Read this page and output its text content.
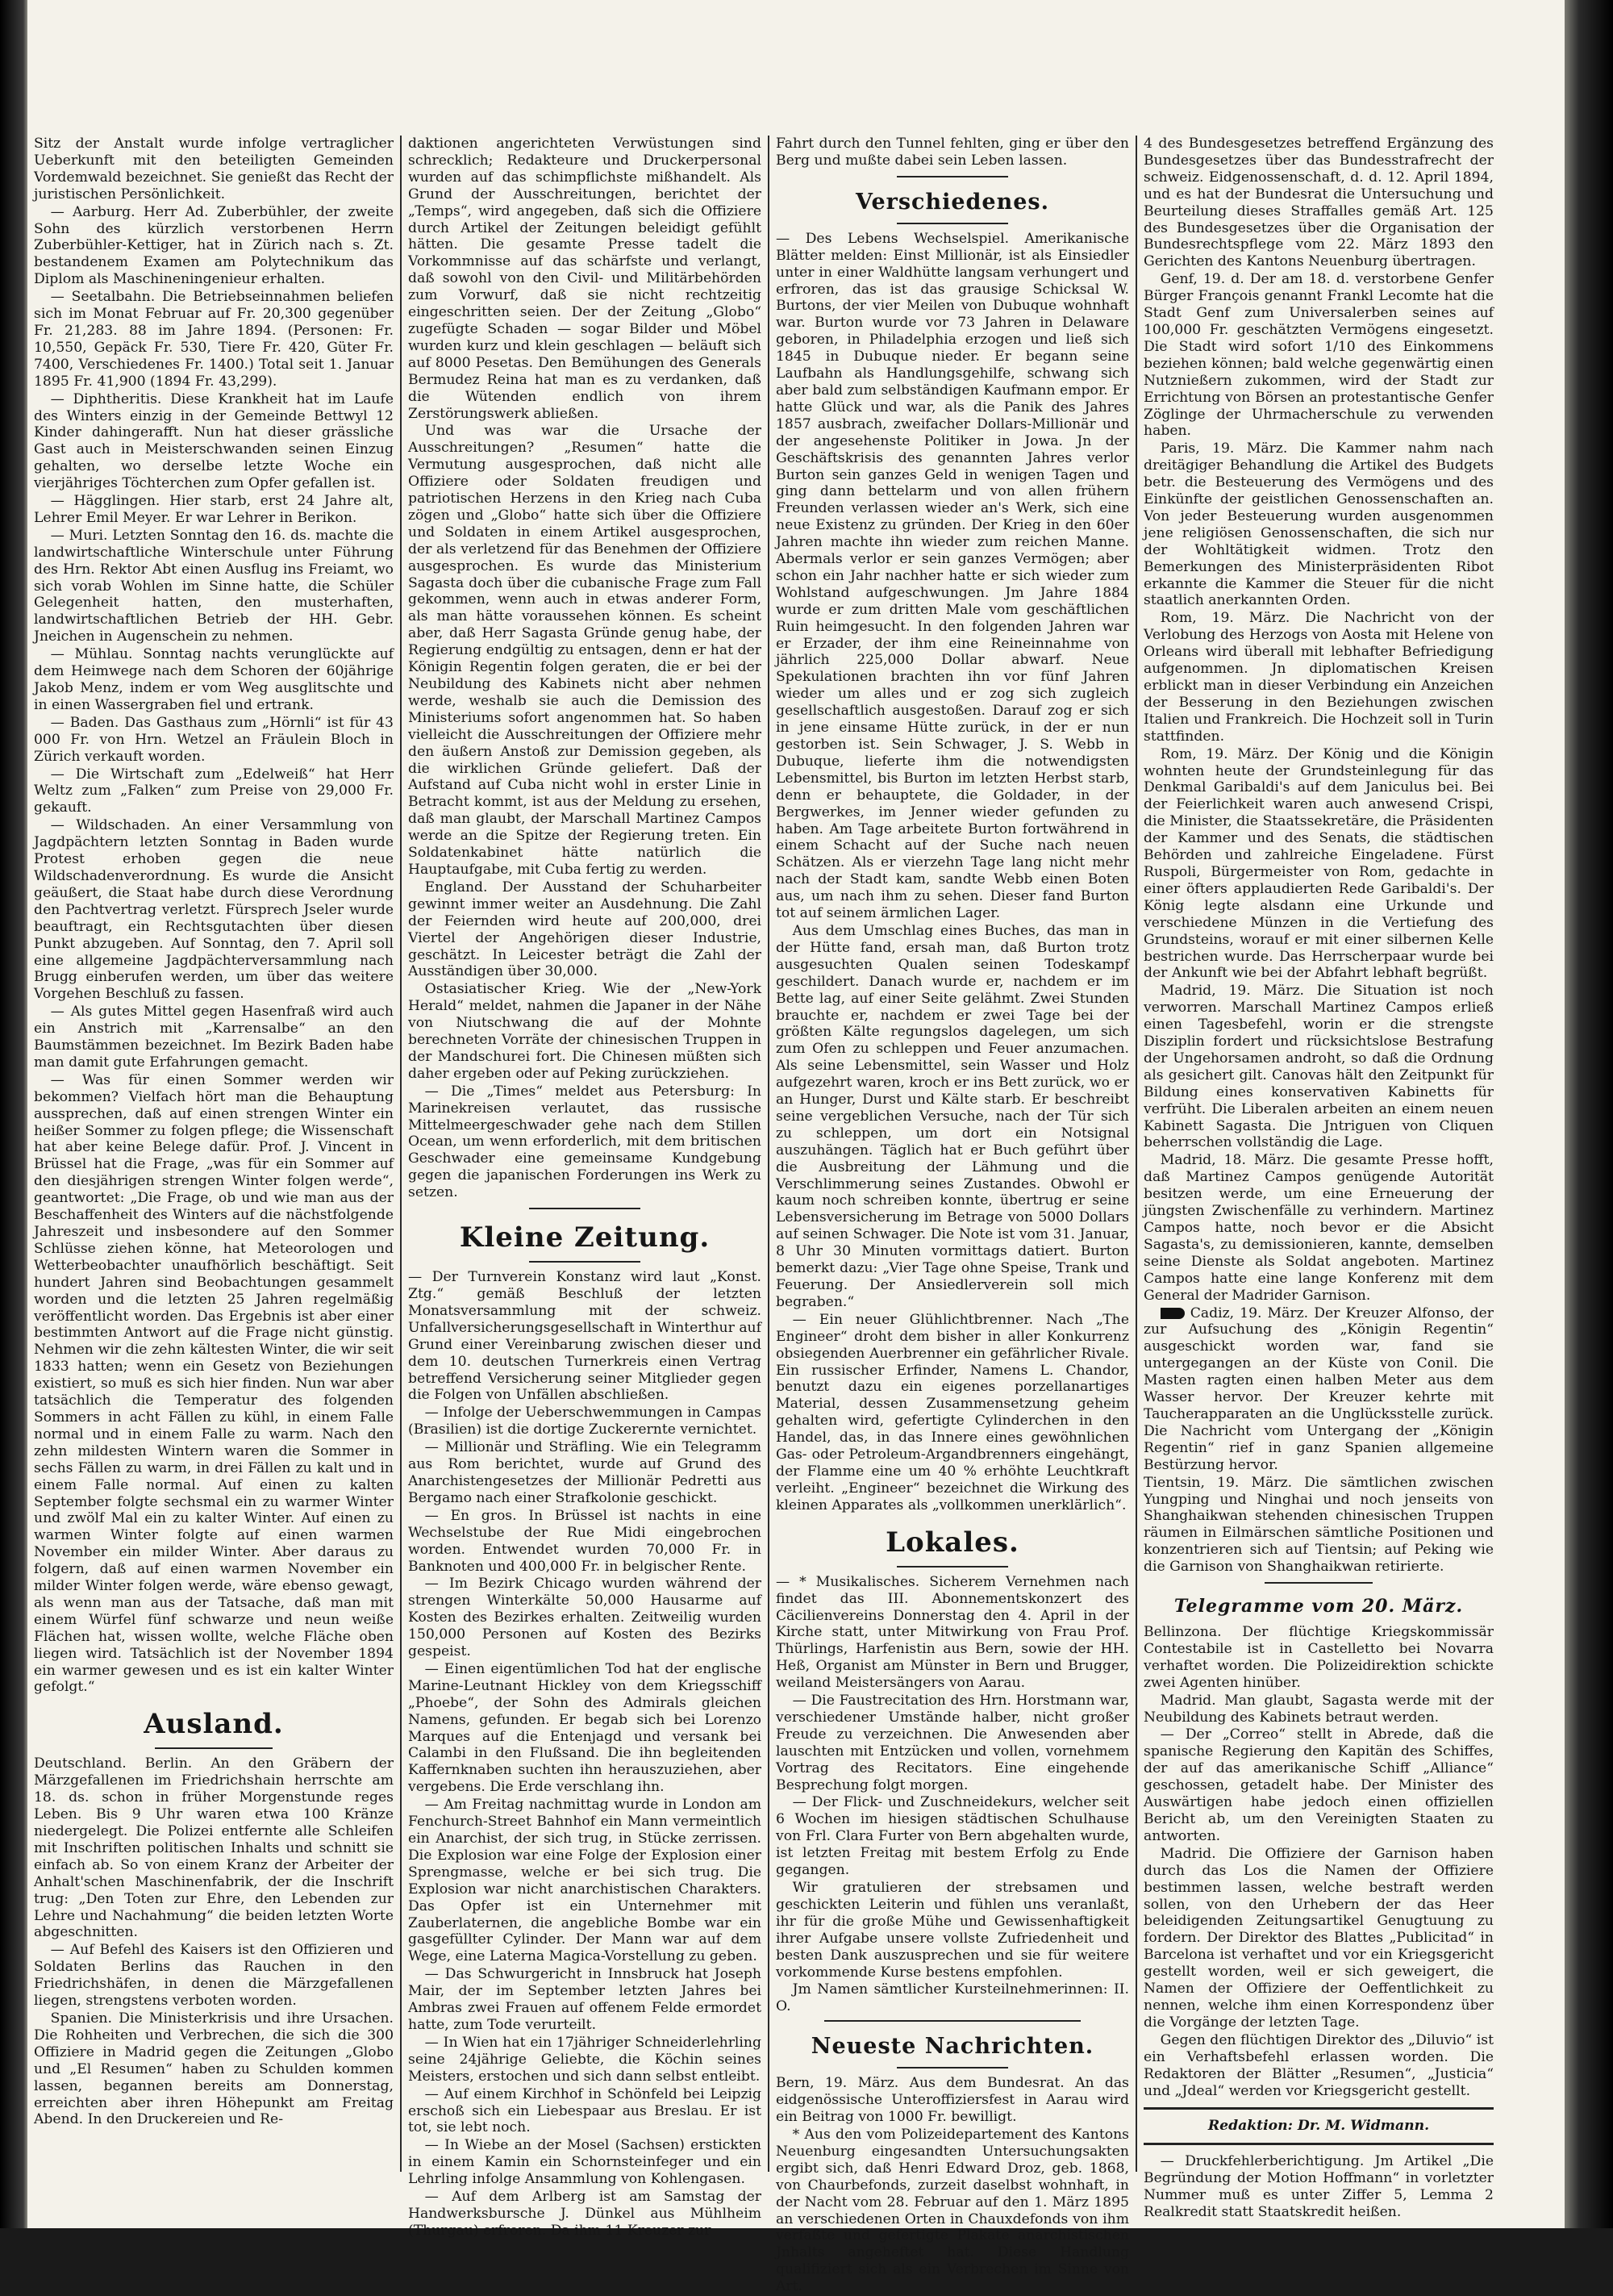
Sitz der Anstalt wurde infolge vertraglicher Ueberkunft mit den beteiligten Gemeinden Vordemwald bezeichnet. Sie genießt das Recht der juristischen Persönlichkeit.

— Aarburg. Herr Ad. Zuberbühler, der zweite Sohn des kürzlich verstorbenen Herrn Zuberbühler-Kettiger, hat in Zürich nach s. Zt. bestandenem Examen am Polytechnikum das Diplom als Maschineningenieur erhalten.

— Seetalbahn. Die Betriebseinnahmen beliefen sich im Monat Februar auf Fr. 20,300 gegenüber Fr. 21,283. 88 im Jahre 1894. (Personen: Fr. 10,550, Gepäck Fr. 530, Tiere Fr. 420, Güter Fr. 7400, Verschiedenes Fr. 1400.) Total seit 1. Januar 1895 Fr. 41,900 (1894 Fr. 43,299).

— Diphtheritis. Diese Krankheit hat im Laufe des Winters einzig in der Gemeinde Bettwyl 12 Kinder dahingerafft. Nun hat dieser grässliche Gast auch in Meisterschwanden seinen Einzug gehalten, wo derselbe letzte Woche ein vierjähriges Töchterchen zum Opfer gefallen ist.

— Hägglingen. Hier starb, erst 24 Jahre alt, Lehrer Emil Meyer. Er war Lehrer in Berikon.

— Muri. Letzten Sonntag den 16. ds. machte die landwirtschaftliche Winterschule unter Führung des Hrn. Rektor Abt einen Ausflug ins Freiamt, wo sich vorab Wohlen im Sinne hatte, die Schüler Gelegenheit hatten, den musterhaften, landwirtschaftlichen Betrieb der HH. Gebr. Jneichen in Augenschein zu nehmen.

— Mühlau. Sonntag nachts verunglückte auf dem Heimwege nach dem Schoren der 60jährige Jakob Menz, indem er vom Weg ausglitschte und in einen Wassergraben fiel und ertrank.

— Baden. Das Gasthaus zum „Hörnli“ ist für 43 000 Fr. von Hrn. Wetzel an Fräulein Bloch in Zürich verkauft worden.

— Die Wirtschaft zum „Edelweiß“ hat Herr Weltz zum „Falken“ zum Preise von 29,000 Fr. gekauft.

— Wildschaden. An einer Versammlung von Jagdpächtern letzten Sonntag in Baden wurde Protest erhoben gegen die neue Wildschadenverordnung. Es wurde die Ansicht geäußert, die Staat habe durch diese Verordnung den Pachtvertrag verletzt. Fürsprech Jseler wurde beauftragt, ein Rechtsgutachten über diesen Punkt abzugeben. Auf Sonntag, den 7. April soll eine allgemeine Jagdpächterversammlung nach Brugg einberufen werden, um über das weitere Vorgehen Beschluß zu fassen.

— Als gutes Mittel gegen Hasenfraß wird auch ein Anstrich mit „Karrensalbe“ an den Baumstämmen bezeichnet. Im Bezirk Baden habe man damit gute Erfahrungen gemacht.

— Was für einen Sommer werden wir bekommen? Vielfach hört man die Behauptung aussprechen, daß auf einen strengen Winter ein heißer Sommer zu folgen pflege; die Wissenschaft hat aber keine Belege dafür. Prof. J. Vincent in Brüssel hat die Frage, „was für ein Sommer auf den diesjährigen strengen Winter folgen werde“, geantwortet: „Die Frage, ob und wie man aus der Beschaffenheit des Winters auf die nächstfolgende Jahreszeit und insbesondere auf den Sommer Schlüsse ziehen könne, hat Meteorologen und Wetterbeobachter unaufhörlich beschäftigt. Seit hundert Jahren sind Beobachtungen gesammelt worden und die letzten 25 Jahren regelmäßig veröffentlicht worden. Das Ergebnis ist aber einer bestimmten Antwort auf die Frage nicht günstig. Nehmen wir die zehn kältesten Winter, die wir seit 1833 hatten; wenn ein Gesetz von Beziehungen existiert, so muß es sich hier finden. Nun war aber tatsächlich die Temperatur des folgenden Sommers in acht Fällen zu kühl, in einem Falle normal und in einem Falle zu warm. Nach den zehn mildesten Wintern waren die Sommer in sechs Fällen zu warm, in drei Fällen zu kalt und in einem Falle normal. Auf einen zu kalten September folgte sechsmal ein zu warmer Winter und zwölf Mal ein zu kalter Winter. Auf einen zu warmen Winter folgte auf einen warmen November ein milder Winter. Aber daraus zu folgern, daß auf einen warmen November ein milder Winter folgen werde, wäre ebenso gewagt, als wenn man aus der Tatsache, daß man mit einem Würfel fünf schwarze und neun weiße Flächen hat, wissen wollte, welche Fläche oben liegen wird. Tatsächlich ist der November 1894 ein warmer gewesen und es ist ein kalter Winter gefolgt.“

Ausland.

Deutschland. Berlin. An den Gräbern der Märzgefallenen im Friedrichshain herrschte am 18. ds. schon in früher Morgenstunde reges Leben. Bis 9 Uhr waren etwa 100 Kränze niedergelegt. Die Polizei entfernte alle Schleifen mit Inschriften politischen Inhalts und schnitt sie einfach ab. So von einem Kranz der Arbeiter der Anhalt'schen Maschinenfabrik, der die Inschrift trug: „Den Toten zur Ehre, den Lebenden zur Lehre und Nachahmung“ die beiden letzten Worte abgeschnitten.

— Auf Befehl des Kaisers ist den Offizieren und Soldaten Berlins das Rauchen in den Friedrichshäfen, in denen die Märzgefallenen liegen, strengstens verboten worden.

Spanien. Die Ministerkrisis und ihre Ursachen. Die Rohheiten und Verbrechen, die sich die 300 Offiziere in Madrid gegen die Zeitungen „Globo und „El Resumen“ haben zu Schulden kommen lassen, begannen bereits am Donnerstag, erreichten aber ihren Höhepunkt am Freitag Abend. In den Druckereien und Re-

daktionen angerichteten Verwüstungen sind schrecklich; Redakteure und Druckerpersonal wurden auf das schimpflichste mißhandelt. Als Grund der Ausschreitungen, berichtet der „Temps“, wird angegeben, daß sich die Offiziere durch Artikel der Zeitungen beleidigt gefühlt hätten. Die gesamte Presse tadelt die Vorkommnisse auf das schärfste und verlangt, daß sowohl von den Civil- und Militärbehörden zum Vorwurf, daß sie nicht rechtzeitig eingeschritten seien. Der der Zeitung „Globo“ zugefügte Schaden — sogar Bilder und Möbel wurden kurz und klein geschlagen — beläuft sich auf 8000 Pesetas. Den Bemühungen des Generals Bermudez Reina hat man es zu verdanken, daß die Wütenden endlich von ihrem Zerstörungswerk abließen.

Und was war die Ursache der Ausschreitungen? „Resumen“ hatte die Vermutung ausgesprochen, daß nicht alle Offiziere oder Soldaten freudigen und patriotischen Herzens in den Krieg nach Cuba zögen und „Globo“ hatte sich über die Offiziere und Soldaten in einem Artikel ausgesprochen, der als verletzend für das Benehmen der Offiziere ausgesprochen. Es wurde das Ministerium Sagasta doch über die cubanische Frage zum Fall gekommen, wenn auch in etwas anderer Form, als man hätte voraussehen können. Es scheint aber, daß Herr Sagasta Gründe genug habe, der Regierung endgültig zu entsagen, denn er hat der Königin Regentin folgen geraten, die er bei der Neubildung des Kabinets nicht aber nehmen werde, weshalb sie auch die Demission des Ministeriums sofort angenommen hat. So haben vielleicht die Ausschreitungen der Offiziere mehr den äußern Anstoß zur Demission gegeben, als die wirklichen Gründe geliefert. Daß der Aufstand auf Cuba nicht wohl in erster Linie in Betracht kommt, ist aus der Meldung zu ersehen, daß man glaubt, der Marschall Martinez Campos werde an die Spitze der Regierung treten. Ein Soldatenkabinet hätte natürlich die Hauptaufgabe, mit Cuba fertig zu werden.

England. Der Ausstand der Schuharbeiter gewinnt immer weiter an Ausdehnung. Die Zahl der Feiernden wird heute auf 200,000, drei Viertel der Angehörigen dieser Industrie, geschätzt. In Leicester beträgt die Zahl der Ausständigen über 30,000.

Ostasiatischer Krieg. Wie der „New-York Herald“ meldet, nahmen die Japaner in der Nähe von Niutschwang die auf der Mohnte berechneten Vorräte der chinesischen Truppen in der Mandschurei fort. Die Chinesen müßten sich daher ergeben oder auf Peking zurückziehen.

— Die „Times“ meldet aus Petersburg: In Marinekreisen verlautet, das russische Mittelmeergeschwader gehe nach dem Stillen Ocean, um wenn erforderlich, mit dem britischen Geschwader eine gemeinsame Kundgebung gegen die japanischen Forderungen ins Werk zu setzen.

Kleine Zeitung.

— Der Turnverein Konstanz wird laut „Konst. Ztg.“ gemäß Beschluß der letzten Monatsversammlung mit der schweiz. Unfallversicherungsgesellschaft in Winterthur auf Grund einer Vereinbarung zwischen dieser und dem 10. deutschen Turnerkreis einen Vertrag betreffend Versicherung seiner Mitglieder gegen die Folgen von Unfällen abschließen.

— Infolge der Ueberschwemmungen in Campas (Brasilien) ist die dortige Zuckerernte vernichtet.

— Millionär und Sträfling. Wie ein Telegramm aus Rom berichtet, wurde auf Grund des Anarchistengesetzes der Millionär Pedretti aus Bergamo nach einer Strafkolonie geschickt.

— En gros. In Brüssel ist nachts in eine Wechselstube der Rue Midi eingebrochen worden. Entwendet wurden 70,000 Fr. in Banknoten und 400,000 Fr. in belgischer Rente.

— Im Bezirk Chicago wurden während der strengen Winterkälte 50,000 Hausarme auf Kosten des Bezirkes erhalten. Zeitweilig wurden 150,000 Personen auf Kosten des Bezirks gespeist.

— Einen eigentümlichen Tod hat der englische Marine-Leutnant Hickley von dem Kriegsschiff „Phoebe“, der Sohn des Admirals gleichen Namens, gefunden. Er begab sich bei Lorenzo Marques auf die Entenjagd und versank bei Calambi in den Flußsand. Die ihn begleitenden Kaffernknaben suchten ihn herauszuziehen, aber vergebens. Die Erde verschlang ihn.

— Am Freitag nachmittag wurde in London am Fenchurch-Street Bahnhof ein Mann vermeintlich ein Anarchist, der sich trug, in Stücke zerrissen. Die Explosion war eine Folge der Explosion einer Sprengmasse, welche er bei sich trug. Die Explosion war nicht anarchistischen Charakters. Das Opfer ist ein Unternehmer mit Zauberlaternen, die angebliche Bombe war ein gasgefüllter Cylinder. Der Mann war auf dem Wege, eine Laterna Magica-Vorstellung zu geben.

— Das Schwurgericht in Innsbruck hat Joseph Mair, der im September letzten Jahres bei Ambras zwei Frauen auf offenem Felde ermordet hatte, zum Tode verurteilt.

— In Wien hat ein 17jähriger Schneiderlehrling seine 24jährige Geliebte, die Köchin seines Meisters, erstochen und sich dann selbst entleibt.

— Auf einem Kirchhof in Schönfeld bei Leipzig erschoß sich ein Liebespaar aus Breslau. Er ist tot, sie lebt noch.

— In Wiebe an der Mosel (Sachsen) erstickten in einem Kamin ein Schornsteinfeger und ein Lehrling infolge Ansammlung von Kohlengasen.

— Auf dem Arlberg ist am Samstag der Handwerksbursche J. Dünkel aus Mühlheim (Thurgau) erfroren. Da ihm 11 Kreuzer zur

Fahrt durch den Tunnel fehlten, ging er über den Berg und mußte dabei sein Leben lassen.

Verschiedenes.

— Des Lebens Wechselspiel. Amerikanische Blätter melden: Einst Millionär, ist als Einsiedler unter in einer Waldhütte langsam verhungert und erfroren, das ist das grausige Schicksal W. Burtons, der vier Meilen von Dubuque wohnhaft war. Burton wurde vor 73 Jahren in Delaware geboren, in Philadelphia erzogen und ließ sich 1845 in Dubuque nieder. Er begann seine Laufbahn als Handlungsgehilfe, schwang sich aber bald zum selbständigen Kaufmann empor. Er hatte Glück und war, als die Panik des Jahres 1857 ausbrach, zweifacher Dollars-Millionär und der angesehenste Politiker in Jowa. Jn der Geschäftskrisis des genannten Jahres verlor Burton sein ganzes Geld in wenigen Tagen und ging dann bettelarm und von allen frühern Freunden verlassen wieder an's Werk, sich eine neue Existenz zu gründen. Der Krieg in den 60er Jahren machte ihn wieder zum reichen Manne. Abermals verlor er sein ganzes Vermögen; aber schon ein Jahr nachher hatte er sich wieder zum Wohlstand aufgeschwungen. Jm Jahre 1884 wurde er zum dritten Male vom geschäftlichen Ruin heimgesucht. In den folgenden Jahren war er Erzader, der ihm eine Reineinnahme von jährlich 225,000 Dollar abwarf. Neue Spekulationen brachten ihn vor fünf Jahren wieder um alles und er zog sich zugleich gesellschaftlich ausgestoßen. Darauf zog er sich in jene einsame Hütte zurück, in der er nun gestorben ist. Sein Schwager, J. S. Webb in Dubuque, lieferte ihm die notwendigsten Lebensmittel, bis Burton im letzten Herbst starb, denn er behauptete, die Goldader, in der Bergwerkes, im Jenner wieder gefunden zu haben. Am Tage arbeitete Burton fortwährend in einem Schacht auf der Suche nach neuen Schätzen. Als er vierzehn Tage lang nicht mehr nach der Stadt kam, sandte Webb einen Boten aus, um nach ihm zu sehen. Dieser fand Burton tot auf seinem ärmlichen Lager.

Aus dem Umschlag eines Buches, das man in der Hütte fand, ersah man, daß Burton trotz ausgesuchten Qualen seinen Todeskampf geschildert. Danach wurde er, nachdem er im Bette lag, auf einer Seite gelähmt. Zwei Stunden brauchte er, nachdem er zwei Tage bei der größten Kälte regungslos dagelegen, um sich zum Ofen zu schleppen und Feuer anzumachen. Als seine Lebensmittel, sein Wasser und Holz aufgezehrt waren, kroch er ins Bett zurück, wo er an Hunger, Durst und Kälte starb. Er beschreibt seine vergeblichen Versuche, nach der Tür sich zu schleppen, um dort ein Notsignal auszuhängen. Täglich hat er Buch geführt über die Ausbreitung der Lähmung und die Verschlimmerung seines Zustandes. Obwohl er kaum noch schreiben konnte, übertrug er seine Lebensversicherung im Betrage von 5000 Dollars auf seinen Schwager. Die Note ist vom 31. Januar, 8 Uhr 30 Minuten vormittags datiert. Burton bemerkt dazu: „Vier Tage ohne Speise, Trank und Feuerung. Der Ansiedlerverein soll mich begraben.“

— Ein neuer Glühlichtbrenner. Nach „The Engineer“ droht dem bisher in aller Konkurrenz obsiegenden Auerbrenner ein gefährlicher Rivale. Ein russischer Erfinder, Namens L. Chandor, benutzt dazu ein eigenes porzellanartiges Material, dessen Zusammensetzung geheim gehalten wird, gefertigte Cylinderchen in den Handel, das, in das Innere eines gewöhnlichen Gas- oder Petroleum-Argandbrenners eingehängt, der Flamme eine um 40 % erhöhte Leuchtkraft verleiht. „Engineer“ bezeichnet die Wirkung des kleinen Apparates als „vollkommen unerklärlich“.

Lokales.

— * Musikalisches. Sicherem Vernehmen nach findet das III. Abonnementskonzert des Cäcilienvereins Donnerstag den 4. April in der Kirche statt, unter Mitwirkung von Frau Prof. Thürlings, Harfenistin aus Bern, sowie der HH. Heß, Organist am Münster in Bern und Brugger, weiland Meistersängers von Aarau.

— Die Faustrecitation des Hrn. Horstmann war, verschiedener Umstände halber, nicht großer Freude zu verzeichnen. Die Anwesenden aber lauschten mit Entzücken und vollen, vornehmem Vortrag des Recitators. Eine eingehende Besprechung folgt morgen.

— Der Flick- und Zuschneidekurs, welcher seit 6 Wochen im hiesigen städtischen Schulhause von Frl. Clara Furter von Bern abgehalten wurde, ist letzten Freitag mit bestem Erfolg zu Ende gegangen.

Wir gratulieren der strebsamen und geschickten Leiterin und fühlen uns veranlaßt, ihr für die große Mühe und Gewissenhaftigkeit ihrer Aufgabe unsere vollste Zufriedenheit und besten Dank auszusprechen und sie für weitere vorkommende Kurse bestens empfohlen.

Jm Namen sämtlicher Kursteilnehmerinnen: II. O.

Neueste Nachrichten.

Bern, 19. März. Aus dem Bundesrat. An das eidgenössische Unteroffiziersfest in Aarau wird ein Beitrag von 1000 Fr. bewilligt.

* Aus den vom Polizeidepartement des Kantons Neuenburg eingesandten Untersuchungsakten ergibt sich, daß Henri Edward Droz, geb. 1868, von Chaurbefonds, zurzeit daselbst wohnhaft, in der Nacht vom 28. Februar auf den 1. März 1895 an verschiedenen Orten in Chauxdefonds von ihm verfaßte und gefertigte Plakate anarchistischen Jnhalts angeheftet hat. Diese Handlung qualifiziert sich als ein Verbrechen im Sinne von Art.

4 des Bundesgesetzes betreffend Ergänzung des Bundesgesetzes über das Bundesstrafrecht der schweiz. Eidgenossenschaft, d. d. 12. April 1894, und es hat der Bundesrat die Untersuchung und Beurteilung dieses Straffalles gemäß Art. 125 des Bundesgesetzes über die Organisation der Bundesrechtspflege vom 22. März 1893 den Gerichten des Kantons Neuenburg übertragen.

Genf, 19. d. Der am 18. d. verstorbene Genfer Bürger François genannt Frankl Lecomte hat die Stadt Genf zum Universalerben seines auf 100,000 Fr. geschätzten Vermögens eingesetzt. Die Stadt wird sofort 1/10 des Einkommens beziehen können; bald welche gegenwärtig einen Nutznießern zukommen, wird der Stadt zur Errichtung von Börsen an protestantische Genfer Zöglinge der Uhrmacherschule zu verwenden haben.

Paris, 19. März. Die Kammer nahm nach dreitägiger Behandlung die Artikel des Budgets betr. die Besteuerung des Vermögens und des Einkünfte der geistlichen Genossenschaften an. Von jeder Besteuerung wurden ausgenommen jene religiösen Genossenschaften, die sich nur der Wohltätigkeit widmen. Trotz den Bemerkungen des Ministerpräsidenten Ribot erkannte die Kammer die Steuer für die nicht staatlich anerkannten Orden.

Rom, 19. März. Die Nachricht von der Verlobung des Herzogs von Aosta mit Helene von Orleans wird überall mit lebhafter Befriedigung aufgenommen. Jn diplomatischen Kreisen erblickt man in dieser Verbindung ein Anzeichen der Besserung in den Beziehungen zwischen Italien und Frankreich. Die Hochzeit soll in Turin stattfinden.

Rom, 19. März. Der König und die Königin wohnten heute der Grundsteinlegung für das Denkmal Garibaldi's auf dem Janiculus bei. Bei der Feierlichkeit waren auch anwesend Crispi, die Minister, die Staatssekretäre, die Präsidenten der Kammer und des Senats, die städtischen Behörden und zahlreiche Eingeladene. Fürst Ruspoli, Bürgermeister von Rom, gedachte in einer öfters applaudierten Rede Garibaldi's. Der König legte alsdann eine Urkunde und verschiedene Münzen in die Vertiefung des Grundsteins, worauf er mit einer silbernen Kelle bestrichen wurde. Das Herrscherpaar wurde bei der Ankunft wie bei der Abfahrt lebhaft begrüßt.

Madrid, 19. März. Die Situation ist noch verworren. Marschall Martinez Campos erließ einen Tagesbefehl, worin er die strengste Disziplin fordert und rücksichtslose Bestrafung der Ungehorsamen androht, so daß die Ordnung als gesichert gilt. Canovas hält den Zeitpunkt für Bildung eines konservativen Kabinetts für verfrüht. Die Liberalen arbeiten an einem neuen Kabinett Sagasta. Die Jntriguen von Cliquen beherrschen vollständig die Lage.

Madrid, 18. März. Die gesamte Presse hofft, daß Martinez Campos genügende Autorität besitzen werde, um eine Erneuerung der jüngsten Zwischenfälle zu verhindern. Martinez Campos hatte, noch bevor er die Absicht Sagasta's, zu demissionieren, kannte, demselben seine Dienste als Soldat angeboten. Martinez Campos hatte eine lange Konferenz mit dem General der Madrider Garnison.

Cadiz, 19. März. Der Kreuzer Alfonso, der zur Aufsuchung des „Königin Regentin“ ausgeschickt worden war, fand sie untergegangen an der Küste von Conil. Die Masten ragten einen halben Meter aus dem Wasser hervor. Der Kreuzer kehrte mit Taucherapparaten an die Unglücksstelle zurück. Die Nachricht vom Untergang der „Königin Regentin“ rief in ganz Spanien allgemeine Bestürzung hervor.

Tientsin, 19. März. Die sämtlichen zwischen Yungping und Ninghai und noch jenseits von Shanghaikwan stehenden chinesischen Truppen räumen in Eilmärschen sämtliche Positionen und konzentrieren sich auf Tientsin; auf Peking wie die Garnison von Shanghaikwan retirierte.

Telegramme vom 20. März.

Bellinzona. Der flüchtige Kriegskommissär Contestabile ist in Castelletto bei Novarra verhaftet worden. Die Polizeidirektion schickte zwei Agenten hinüber.

Madrid. Man glaubt, Sagasta werde mit der Neubildung des Kabinets betraut werden.

— Der „Correo“ stellt in Abrede, daß die spanische Regierung den Kapitän des Schiffes, der auf das amerikanische Schiff „Alliance“ geschossen, getadelt habe. Der Minister des Auswärtigen habe jedoch einen offiziellen Bericht ab, um den Vereinigten Staaten zu antworten.

Madrid. Die Offiziere der Garnison haben durch das Los die Namen der Offiziere bestimmen lassen, welche bestraft werden sollen, von den Urhebern der das Heer beleidigenden Zeitungsartikel Genugtuung zu fordern. Der Direktor des Blattes „Publicitad“ in Barcelona ist verhaftet und vor ein Kriegsgericht gestellt worden, weil er sich geweigert, die Namen der Offiziere der Oeffentlichkeit zu nennen, welche ihm einen Korrespondenz über die Vorgänge der letzten Tage.

Gegen den flüchtigen Direktor des „Diluvio“ ist ein Verhaftsbefehl erlassen worden. Die Redaktoren der Blätter „Resumen“, „Justicia“ und „Jdeal“ werden vor Kriegsgericht gestellt.

Redaktion: Dr. M. Widmann.

— Druckfehlerberichtigung. Jm Artikel „Die Begründung der Motion Hoffmann“ in vorletzter Nummer muß es unter Ziffer 5, Lemma 2 Realkredit statt Staatskredit heißen.
